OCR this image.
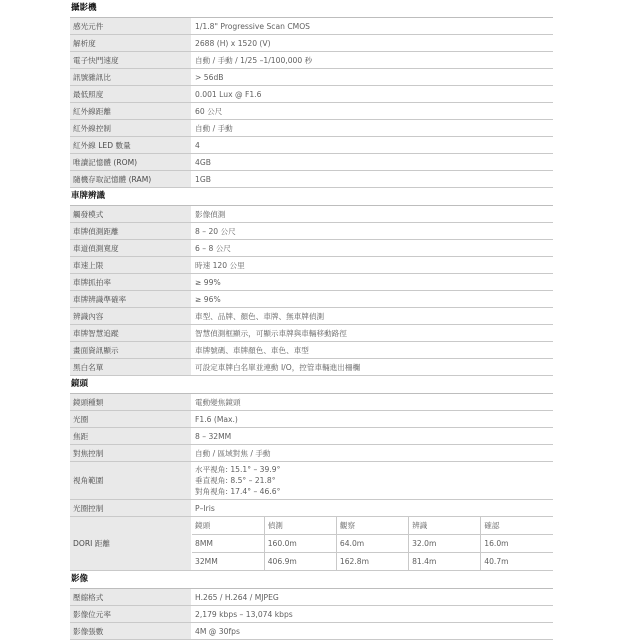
攝影機
感光元件	1/1.8" Progressive Scan CMOS
解析度	2688 (H) x 1520 (V)
電子快門速度	自動 / 手動 / 1/25 –1/100,000 秒
訊號雜訊比	> 56dB
最低照度	0.001 Lux @ F1.6
紅外線距離	60 公尺
紅外線控制	自動 / 手動
紅外線 LED 數量	4
唯讀記憶體 (ROM)	4GB
隨機存取記憶體 (RAM)	1GB
車牌辨識
觸發模式	影像偵測
車牌偵測距離	8 – 20 公尺
車道偵測寬度	6 – 8 公尺
車速上限	時速 120 公里
車牌抓拍率	≥ 99%
車牌辨識準確率	≥ 96%
辨識內容	車型、品牌、顏色、車牌、無車牌偵測
車牌智慧追蹤	智慧偵測框顯示，可顯示車牌與車輛移動路徑
畫面資訊顯示	車牌號碼、車牌顏色、車色、車型
黑白名單	可設定車牌白名單並連動 I/O，控管車輛進出柵欄
鏡頭
鏡頭種類	電動變焦鏡頭
光圈	F1.6 (Max.)
焦距	8 – 32MM
對焦控制	自動 / 區域對焦 / 手動
視角範圍	
水平視角: 15.1° – 39.9°
垂直視角: 8.5° – 21.8°
對角視角: 17.4° – 46.6°

光圈控制	P–Iris
DORI 距離	
鏡頭	偵測	觀察	辨識	確認
8MM	160.0m	64.0m	32.0m	16.0m
32MM	406.9m	162.8m	81.4m	40.7m
影像
壓縮格式	H.265 / H.264 / MJPEG
影像位元率	2,179 kbps – 13,074 kbps
影像張數	4M @ 30fps
